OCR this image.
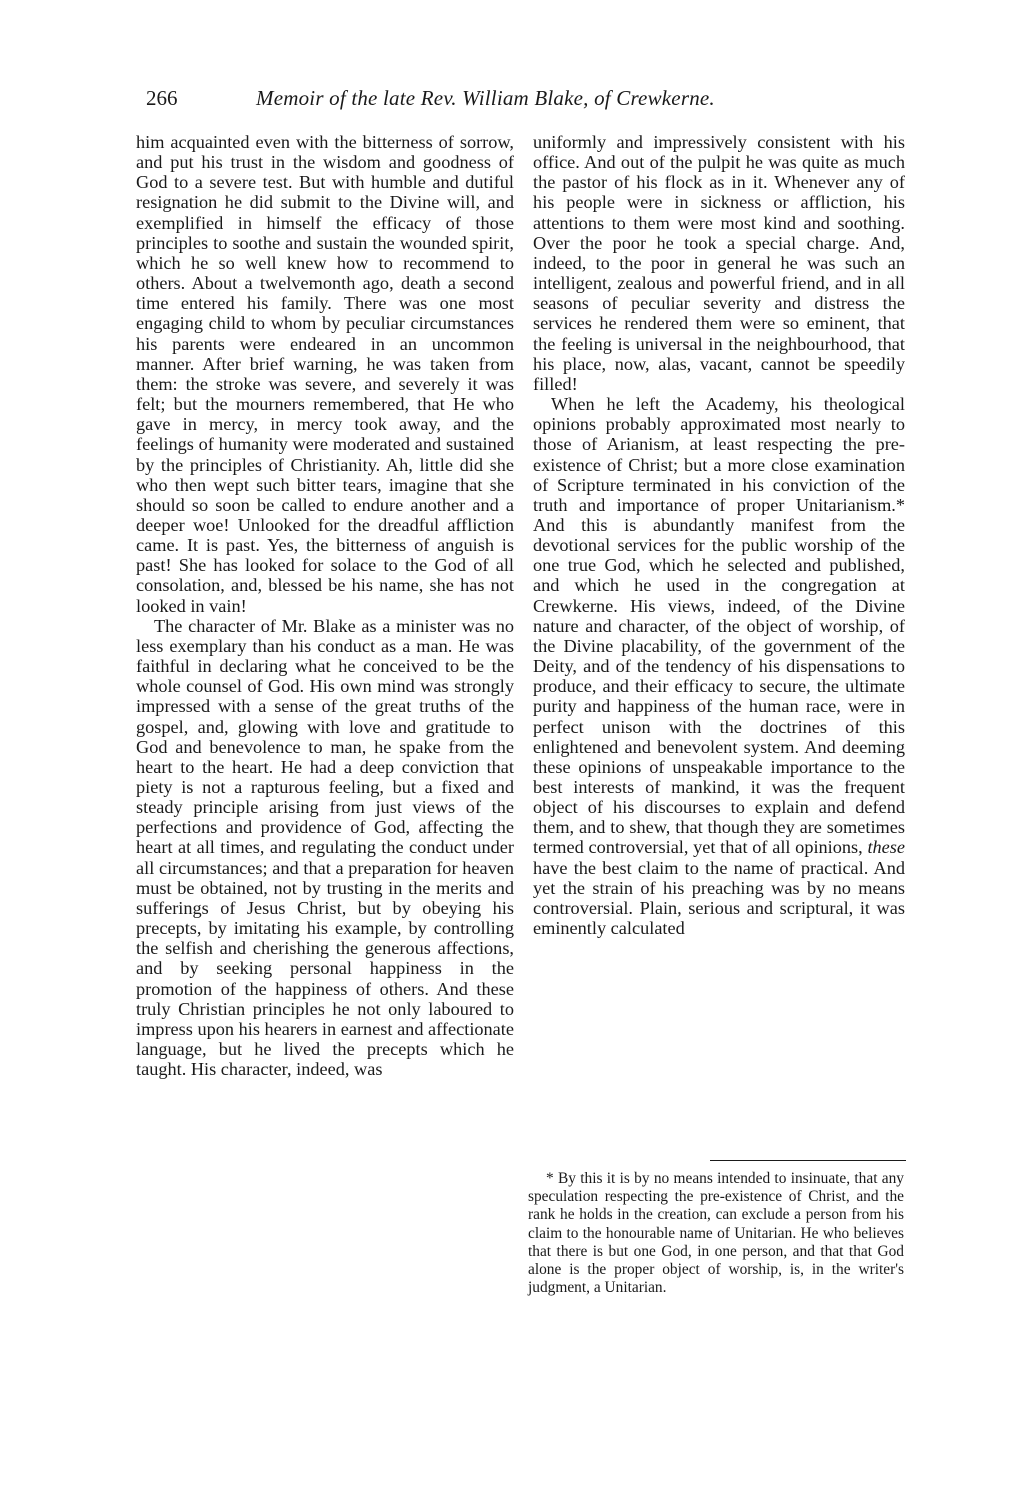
266	Memoir of the late Rev. William Blake, of Crewkerne.

him acquainted even with the bitterness of sorrow, and put his trust in the wisdom and goodness of God to a severe test. But with humble and dutiful resignation he did submit to the Divine will, and exemplified in himself the efficacy of those principles to soothe and sustain the wounded spirit, which he so well knew how to recommend to others. About a twelvemonth ago, death a second time entered his family. There was one most engaging child to whom by peculiar circumstances his parents were endeared in an uncommon manner. After brief warning, he was taken from them: the stroke was severe, and severely it was felt; but the mourners remembered, that He who gave in mercy, in mercy took away, and the feelings of humanity were moderated and sustained by the principles of Christianity. Ah, little did she who then wept such bitter tears, imagine that she should so soon be called to endure another and a deeper woe! Unlooked for the dreadful affliction came. It is past. Yes, the bitterness of anguish is past! She has looked for solace to the God of all consolation, and, blessed be his name, she has not looked in vain!

The character of Mr. Blake as a minister was no less exemplary than his conduct as a man. He was faithful in declaring what he conceived to be the whole counsel of God. His own mind was strongly impressed with a sense of the great truths of the gospel, and, glowing with love and gratitude to God and benevolence to man, he spake from the heart to the heart. He had a deep conviction that piety is not a rapturous feeling, but a fixed and steady principle arising from just views of the perfections and providence of God, affecting the heart at all times, and regulating the conduct under all circumstances; and that a preparation for heaven must be obtained, not by trusting in the merits and sufferings of Jesus Christ, but by obeying his precepts, by imitating his example, by controlling the selfish and cherishing the generous affections, and by seeking personal happiness in the promotion of the happiness of others. And these truly Christian principles he not only laboured to impress upon his hearers in earnest and affectionate language, but he lived the precepts which he taught. His character, indeed, was

uniformly and impressively consistent with his office. And out of the pulpit he was quite as much the pastor of his flock as in it. Whenever any of his people were in sickness or affliction, his attentions to them were most kind and soothing. Over the poor he took a special charge. And, indeed, to the poor in general he was such an intelligent, zealous and powerful friend, and in all seasons of peculiar severity and distress the services he rendered them were so eminent, that the feeling is universal in the neighbourhood, that his place, now, alas, vacant, cannot be speedily filled!

When he left the Academy, his theological opinions probably approximated most nearly to those of Arianism, at least respecting the pre-existence of Christ; but a more close examination of Scripture terminated in his conviction of the truth and importance of proper Unitarianism.* And this is abundantly manifest from the devotional services for the public worship of the one true God, which he selected and published, and which he used in the congregation at Crewkerne. His views, indeed, of the Divine nature and character, of the object of worship, of the Divine placability, of the government of the Deity, and of the tendency of his dispensations to produce, and their efficacy to secure, the ultimate purity and happiness of the human race, were in perfect unison with the doctrines of this enlightened and benevolent system. And deeming these opinions of unspeakable importance to the best interests of mankind, it was the frequent object of his discourses to explain and defend them, and to shew, that though they are sometimes termed controversial, yet that of all opinions, these have the best claim to the name of practical. And yet the strain of his preaching was by no means controversial. Plain, serious and scriptural, it was eminently calculated

* By this it is by no means intended to insinuate, that any speculation respecting the pre-existence of Christ, and the rank he holds in the creation, can exclude a person from his claim to the honourable name of Unitarian. He who believes that there is but one God, in one person, and that that God alone is the proper object of worship, is, in the writer's judgment, a Unitarian.
